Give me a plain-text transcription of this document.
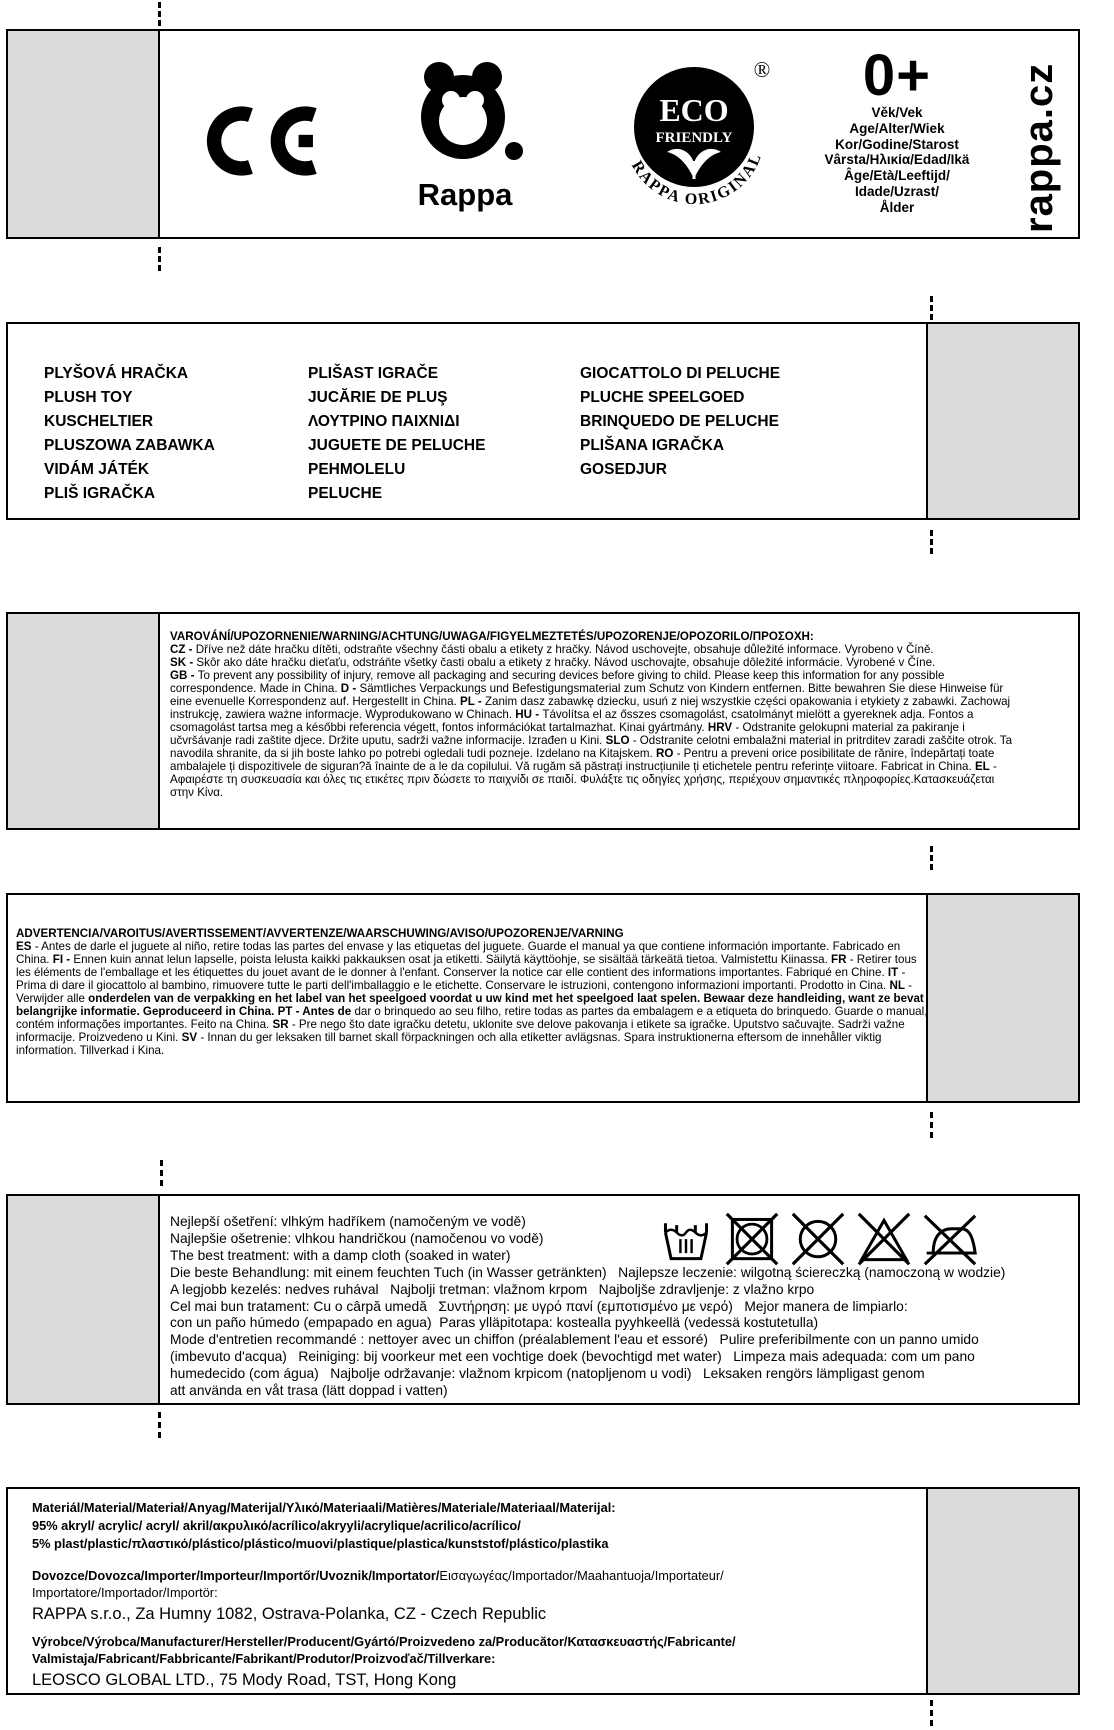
Rappa
®
ECO
FRIENDLY
RAPPA ORIGINAL
0+
Věk/Vek
Age/Alter/Wiek
Kor/Godine/Starost
Vârsta/Ηλικία/Edad/Ikä
Âge/Età/Leeftijd/
Idade/Uzrast/
Ålder	rappa.cz
PLYŠOVÁ HRAČKA
PLUSH TOY
KUSCHELTIER
PLUSZOWA ZABAWKA
VIDÁM JÁTÉK
PLIŠ IGRAČKA
PLIŠAST IGRAČE
JUCĂRIE DE PLUŞ
ΛΟΥΤΡΙΝΟ ΠΑΙΧΝΙΔΙ
JUGUETE DE PELUCHE
PEHMOLELU
PELUCHE
GIOCATTOLO DI PELUCHE
PLUCHE SPEELGOED
BRINQUEDO DE PELUCHE
PLIŠANA IGRAČKA
GOSEDJUR
VAROVÁNÍ/UPOZORNENIE/WARNING/ACHTUNG/UWAGA/FIGYELMEZTETÉS/UPOZORENJE/OPOZORILO/ΠΡΟΣΟΧΗ:
CZ - Dříve než dáte hračku dítěti, odstraňte všechny části obalu a etikety z hračky. Návod uschovejte, obsahuje důležité informace. Vyrobeno v Číně.
SK - Skôr ako dáte hračku dieťaťu, odstráňte všetky časti obalu a etikety z hračky. Návod uschovajte, obsahuje dôležité informácie. Vyrobené v Číne.
GB - To prevent any possibility of injury, remove all packaging and securing devices before giving to child. Please keep this information for any possible correspondence. Made in China. D - Sämtliches Verpackungs und Befestigungsmaterial zum Schutz von Kindern entfernen. Bitte bewahren Sie diese Hinweise für eine evenuelle Korrespondenz auf. Hergestellt in China. PL - Zanim dasz zabawkę dziecku, usuń z niej wszystkie części opakowania i etykiety z zabawki. Zachowaj instrukcję, zawiera ważne informacje. Wyprodukowano w Chinach. HU - Távolítsa el az ősszes csomagolást, csatolmányt mielött a gyereknek adja. Fontos a csomagolást tartsa meg a későbbi referencia végett, fontos információkat tartalmazhat. Kinai gyártmány. HRV - Odstranite gelokupni material za pakiranje i učvršávanje radi zaštite djece. Držite uputu, sadrži važne informacije. Izrađen u Kini. SLO - Odstranite celotni embalažni material in pritrditev zaradi zaščite otrok. Ta navodila shranite, da si jih boste lahko po potrebi ogledali tudi pozneje. Izdelano na Kitajskem. RO - Pentru a preveni orice posibilitate de rănire, îndepărtați toate ambalajele ți dispozitivele de siguran?ă înainte de a le da copilului. Vă rugăm să păstrați instrucțiunile ți etichetele pentru referințe viitoare. Fabricat in China. EL - Αφαιρέστε τη συσκευασία και όλες τις ετικέτες πριν δώσετε το παιχνίδι σε παιδί. Φυλάξτε τις οδηγίες χρήσης, περιέχουν σημαντικές πληροφορίες.Κατασκευάζεται στην Κίνα.
ADVERTENCIA/VAROITUS/AVERTISSEMENT/AVVERTENZE/WAARSCHUWING/AVISO/UPOZORENJE/VARNING
ES - Antes de darle el juguete al niño, retire todas las partes del envase y las etiquetas del juguete. Guarde el manual ya que contiene información importante. Fabricado en China. FI - Ennen kuin annat lelun lapselle, poista lelusta kaikki pakkauksen osat ja etiketti. Säilytä käyttöohje, se sisältää tärkeätä tietoa. Valmistettu Kiinassa. FR - Retirer tous les éléments de l'emballage et les étiquettes du jouet avant de le donner à l'enfant. Conserver la notice car elle contient des informations importantes. Fabriqué en Chine. IT - Prima di dare il giocattolo al bambino, rimuovere tutte le parti dell'imballaggio e le etichette. Conservare le istruzioni, contengono informazioni importanti. Prodotto in Cina. NL - Verwijder alle onderdelen van de verpakking en het label van het speelgoed voordat u uw kind met het speelgoed laat spelen. Bewaar deze handleiding, want ze bevat belangrijke informatie. Geproduceerd in China. PT - Antes de dar o brinquedo ao seu filho, retire todas as partes da embalagem e a etiqueta do brinquedo. Guarde o manual, contém informações importantes. Feito na China. SR - Pre nego što date igračku detetu, uklonite sve delove pakovanja i etikete sa igračke. Uputstvo sačuvajte. Sadrži važne informacije. Proizvedeno u Kini. SV - Innan du ger leksaken till barnet skall förpackningen och alla etiketter avlägsnas. Spara instruktionerna eftersom de innehåller viktig information. Tillverkad i Kina.
Nejlepší ošetření: vlhkým hadříkem (namočeným ve vodě)
Najlepšie ošetrenie: vlhkou handričkou (namočenou vo vodě)
The best treatment: with a damp cloth (soaked in water)
Die beste Behandlung: mit einem feuchten Tuch (in Wasser getränkten)   Najlepsze leczenie: wilgotną ściereczką (namoczoną w wodzie)
A legjobb kezelés: nedves ruhával   Najbolji tretman: vlažnom krpom   Najboljše zdravljenje: z vlažno krpo
Cel mai bun tratament: Cu o cârpă umedă   Συντήρηση: με υγρό πανί (εμποτισμένο με νερό)   Mejor manera de limpiarlo:
con un paño húmedo (empapado en agua)  Paras ylläpitotapa: kostealla pyyhkeellä (vedessä kostutetulla)
Mode d'entretien recommandé : nettoyer avec un chiffon (préalablement l'eau et essoré)   Pulire preferibilmente con un panno umido
(imbevuto d'acqua)   Reiniging: bij voorkeur met een vochtige doek (bevochtigd met water)   Limpeza mais adequada: com um pano
humedecido (com água)   Najbolje održavanje: vlažnom krpicom (natopljenom u vodi)   Leksaken rengörs lämpligast genom
att använda en våt trasa (lätt doppad i vatten)
Materiál/Material/Materiał/Anyag/Materijal/Υλικό/Materiaali/Matières/Materiale/Materiaal/Materijal:
95% akryl/ acrylic/ acryl/ akril/ακρυλικό/acrílico/akryyli/acrylique/acrilico/acrílico/
5% plast/plastic/πλαστικό/plástico/plástico/muovi/plastique/plastica/kunststof/plástico/plastika
Dovozce/Dovozca/Importer/Importeur/Importőr/Uvoznik/Importator/Εισαγωγέας/Importador/Maahantuoja/Importateur/
Importatore/Importador/Importör:
RAPPA s.r.o., Za Humny 1082, Ostrava-Polanka, CZ - Czech Republic
Výrobce/Výrobca/Manufacturer/Hersteller/Producent/Gyártó/Proizvedeno za/Producător/Κατασκευαστής/Fabricante/
Valmistaja/Fabricant/Fabbricante/Fabrikant/Produtor/Proizvoďač/Tillverkare:
LEOSCO GLOBAL LTD., 75 Mody Road, TST, Hong Kong
